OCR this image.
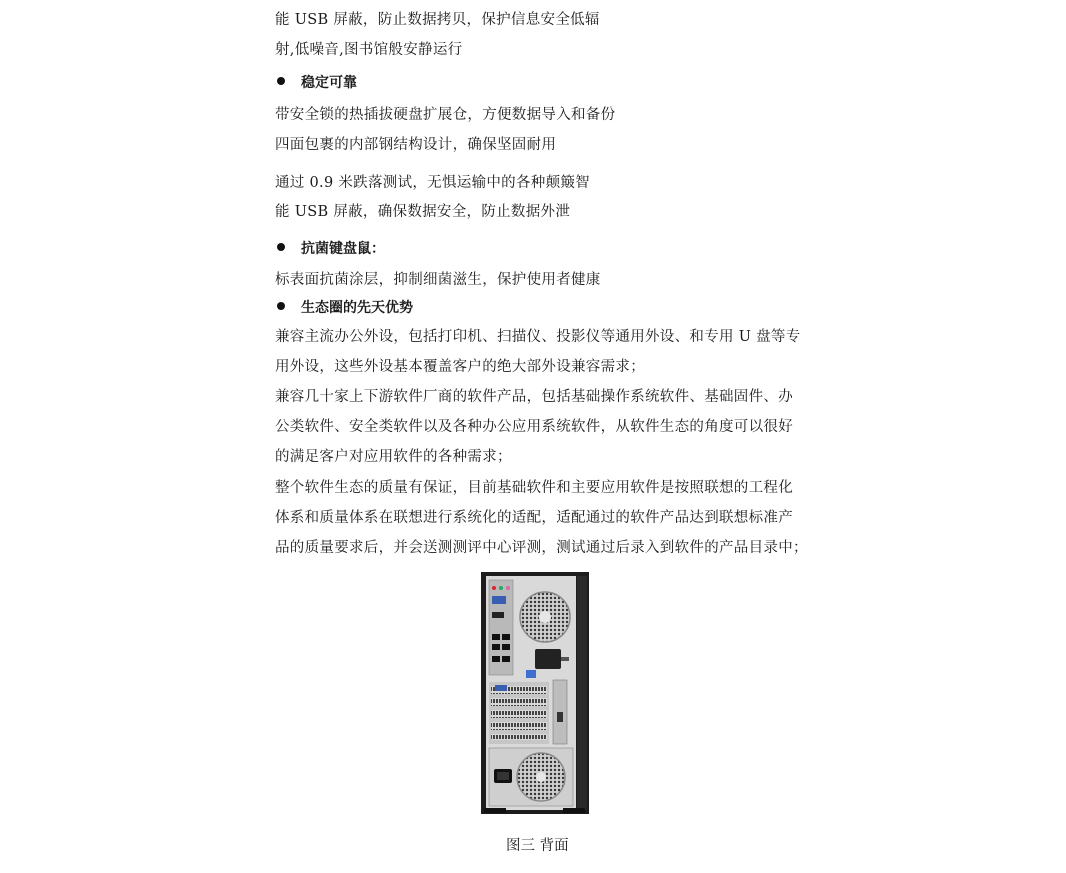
能 USB 屏蔽，防止数据拷贝，保护信息安全低辐
射,低噪音,图书馆般安静运行
稳定可靠
带安全锁的热插拔硬盘扩展仓，方便数据导入和备份
四面包裹的内部钢结构设计，确保坚固耐用
通过 0.9 米跌落测试，无惧运输中的各种颠簸智
能 USB 屏蔽，确保数据安全，防止数据外泄
抗菌键盘鼠：
标表面抗菌涂层，抑制细菌滋生，保护使用者健康
生态圈的先天优势
兼容主流办公外设，包括打印机、扫描仪、投影仪等通用外设、和专用 U 盘等专
用外设，这些外设基本覆盖客户的绝大部外设兼容需求；
兼容几十家上下游软件厂商的软件产品，包括基础操作系统软件、基础固件、办
公类软件、安全类软件以及各种办公应用系统软件，从软件生态的角度可以很好
的满足客户对应用软件的各种需求；
整个软件生态的质量有保证，目前基础软件和主要应用软件是按照联想的工程化
体系和质量体系在联想进行系统化的适配，适配通过的软件产品达到联想标准产
品的质量要求后，并会送测测评中心评测，测试通过后录入到软件的产品目录中；
图三 背面
